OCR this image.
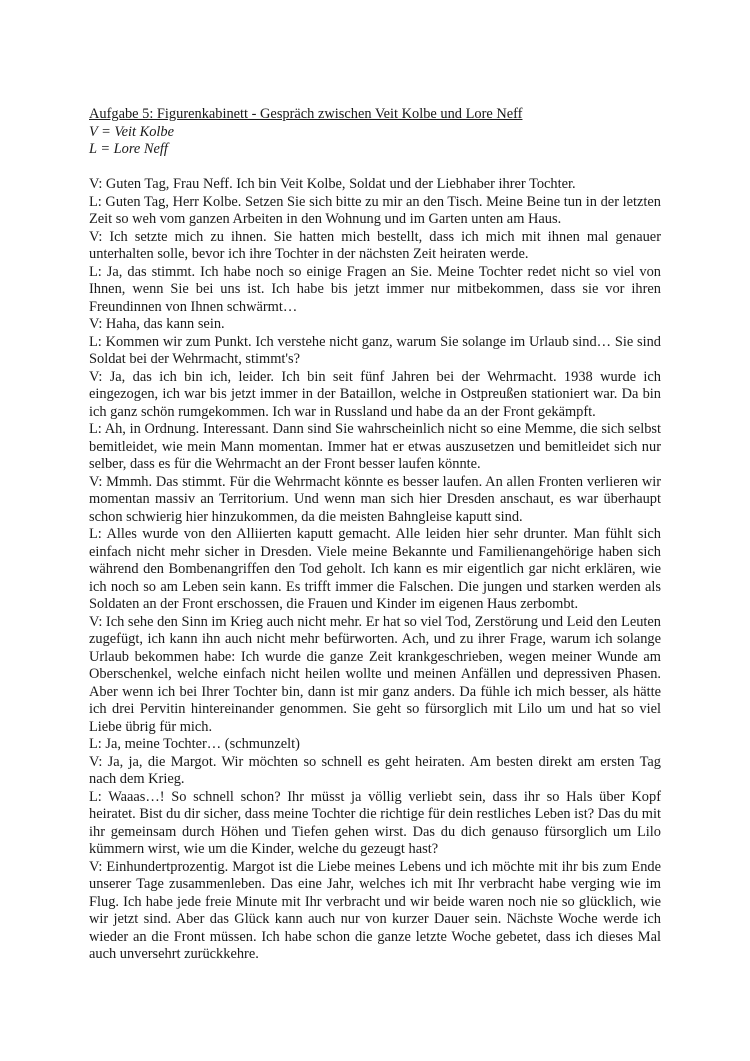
Aufgabe 5: Figurenkabinett - Gespräch zwischen Veit Kolbe und Lore Neff
V = Veit Kolbe
L = Lore Neff

V: Guten Tag, Frau Neff. Ich bin Veit Kolbe, Soldat und der Liebhaber ihrer Tochter.

L: Guten Tag, Herr Kolbe. Setzen Sie sich bitte zu mir an den Tisch. Meine Beine tun in der letzten Zeit so weh vom ganzen Arbeiten in den Wohnung und im Garten unten am Haus.

V: Ich setzte mich zu ihnen. Sie hatten mich bestellt, dass ich mich mit ihnen mal genauer unterhalten solle, bevor ich ihre Tochter in der nächsten Zeit heiraten werde.

L: Ja, das stimmt. Ich habe noch so einige Fragen an Sie. Meine Tochter redet nicht so viel von Ihnen, wenn Sie bei uns ist. Ich habe bis jetzt immer nur mitbekommen, dass sie vor ihren Freundinnen von Ihnen schwärmt…

V: Haha, das kann sein.

L: Kommen wir zum Punkt. Ich verstehe nicht ganz, warum Sie solange im Urlaub sind… Sie sind Soldat bei der Wehrmacht, stimmt's?

V: Ja, das ich bin ich, leider. Ich bin seit fünf Jahren bei der Wehrmacht. 1938 wurde ich eingezogen, ich war bis jetzt immer in der Bataillon, welche in Ostpreußen stationiert war. Da bin ich ganz schön rumgekommen. Ich war in Russland und habe da an der Front gekämpft.

L: Ah, in Ordnung. Interessant. Dann sind Sie wahrscheinlich nicht so eine Memme, die sich selbst bemitleidet, wie mein Mann momentan. Immer hat er etwas auszusetzen und bemitleidet sich nur selber, dass es für die Wehrmacht an der Front besser laufen könnte.

V: Mmmh. Das stimmt. Für die Wehrmacht könnte es besser laufen. An allen Fronten verlieren wir momentan massiv an Territorium. Und wenn man sich hier Dresden anschaut, es war überhaupt schon schwierig hier hinzukommen, da die meisten Bahngleise kaputt sind.

L: Alles wurde von den Alliierten kaputt gemacht. Alle leiden hier sehr drunter. Man fühlt sich einfach nicht mehr sicher in Dresden. Viele meine Bekannte und Familienangehörige haben sich während den Bombenangriffen den Tod geholt. Ich kann es mir eigentlich gar nicht erklären, wie ich noch so am Leben sein kann. Es trifft immer die Falschen. Die jungen und starken werden als Soldaten an der Front erschossen, die Frauen und Kinder im eigenen Haus zerbombt.

V: Ich sehe den Sinn im Krieg auch nicht mehr. Er hat so viel Tod, Zerstörung und Leid den Leuten zugefügt, ich kann ihn auch nicht mehr befürworten. Ach, und zu ihrer Frage, warum ich solange Urlaub bekommen habe: Ich wurde die ganze Zeit krankgeschrieben, wegen meiner Wunde am Oberschenkel, welche einfach nicht heilen wollte und meinen Anfällen und depressiven Phasen. Aber wenn ich bei Ihrer Tochter bin, dann ist mir ganz anders. Da fühle ich mich besser, als hätte ich drei Pervitin hintereinander genommen. Sie geht so fürsorglich mit Lilo um und hat so viel Liebe übrig für mich.

L: Ja, meine Tochter… (schmunzelt)

V: Ja, ja, die Margot. Wir möchten so schnell es geht heiraten. Am besten direkt am ersten Tag nach dem Krieg.

L: Waaas…! So schnell schon? Ihr müsst ja völlig verliebt sein, dass ihr so Hals über Kopf heiratet. Bist du dir sicher, dass meine Tochter die richtige für dein restliches Leben ist? Das du mit ihr gemeinsam durch Höhen und Tiefen gehen wirst. Das du dich genauso fürsorglich um Lilo kümmern wirst, wie um die Kinder, welche du gezeugt hast?

V: Einhundertprozentig. Margot ist die Liebe meines Lebens und ich möchte mit ihr bis zum Ende unserer Tage zusammenleben. Das eine Jahr, welches ich mit Ihr verbracht habe verging wie im Flug. Ich habe jede freie Minute mit Ihr verbracht und wir beide waren noch nie so glücklich, wie wir jetzt sind. Aber das Glück kann auch nur von kurzer Dauer sein. Nächste Woche werde ich wieder an die Front müssen. Ich habe schon die ganze letzte Woche gebetet, dass ich dieses Mal auch unversehrt zurückkehre.
